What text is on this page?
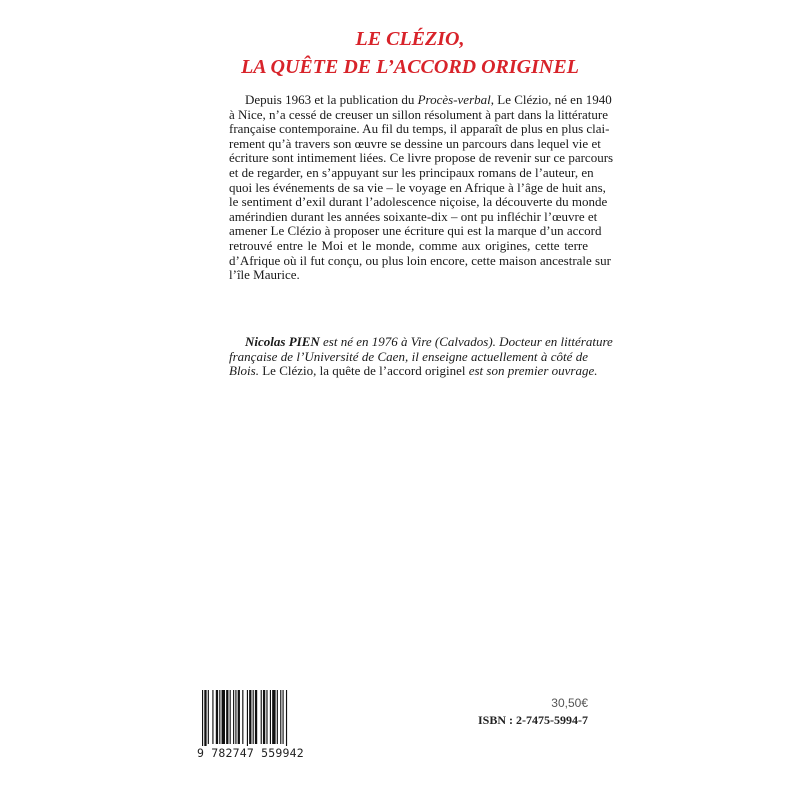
LE CLÉZIO,
LA QUÊTE DE L’ACCORD ORIGINEL
Depuis 1963 et la publication du Procès-verbal, Le Clézio, né en 1940
à Nice, n’a cessé de creuser un sillon résolument à part dans la littérature
française contemporaine. Au fil du temps, il apparaît de plus en plus clai-
rement qu’à travers son œuvre se dessine un parcours dans lequel vie et
écriture sont intimement liées. Ce livre propose de revenir sur ce parcours
et de regarder, en s’appuyant sur les principaux romans de l’auteur, en
quoi les événements de sa vie – le voyage en Afrique à l’âge de huit ans,
le sentiment d’exil durant l’adolescence niçoise, la découverte du monde
amérindien durant les années soixante-dix – ont pu infléchir l’œuvre et
amener Le Clézio à proposer une écriture qui est la marque d’un accord
retrouvé entre le Moi et le monde, comme aux origines, cette terre
d’Afrique où il fut conçu, ou plus loin encore, cette maison ancestrale sur
l’île Maurice.
Nicolas PIEN est né en 1976 à Vire (Calvados). Docteur en littérature
française de l’Université de Caen, il enseigne actuellement à côté de
Blois. Le Clézio, la quête de l’accord originel est son premier ouvrage.
9 782747 559942
30,50€
ISBN : 2-7475-5994-7
